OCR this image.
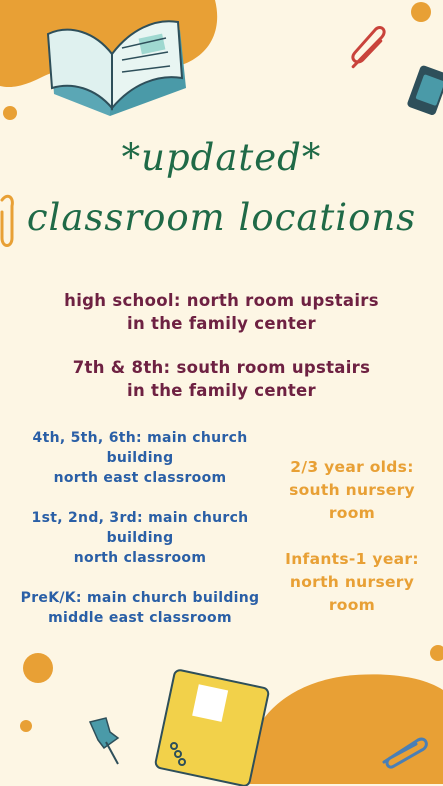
*updated*
classroom locations
high school: north room upstairs
in the family center
7th & 8th: south room upstairs
in the family center
4th, 5th, 6th: main church
building
north east classroom
1st, 2nd, 3rd: main church
building
north classroom
PreK/K: main church building
middle east classroom
2/3 year olds:
south nursery
room
Infants-1 year:
north nursery
room
